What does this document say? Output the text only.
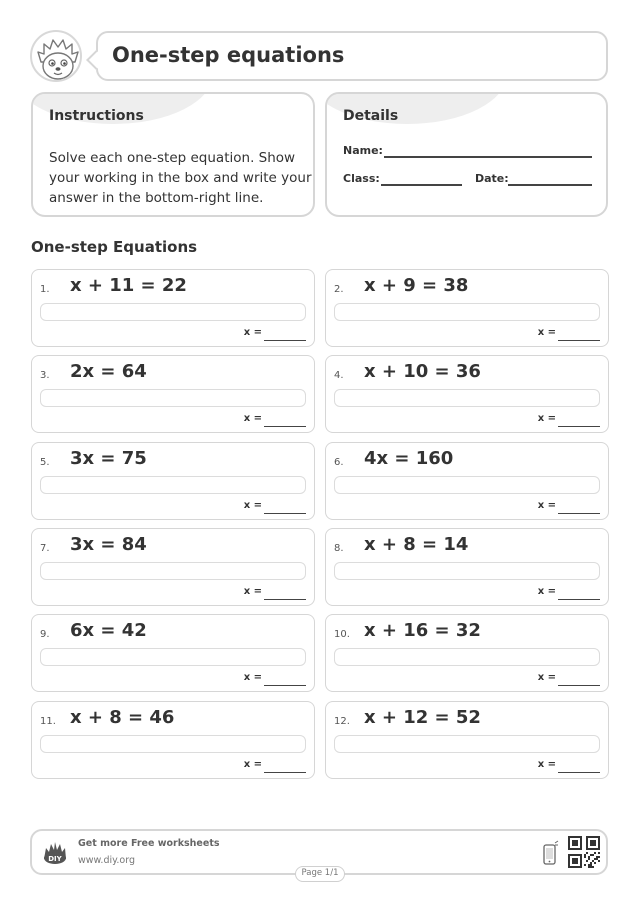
One-step equations
Instructions
Solve each one-step equation. Show your working in the box and write your answer in the bottom-right line.
Details
Name:
Class:	Date:
One-step Equations
1. x + 11 = 22
x =
2. x + 9 = 38
x =
3. 2x = 64
x =
4. x + 10 = 36
x =
5. 3x = 75
x =
6. 4x = 160
x =
7. 3x = 84
x =
8. x + 8 = 14
x =
9. 6x = 42
x =
10. x + 16 = 32
x =
11. x + 8 = 46
x =
12. x + 12 = 52
x =
DIY
Get more Free worksheets
www.diy.org
Page 1/1
